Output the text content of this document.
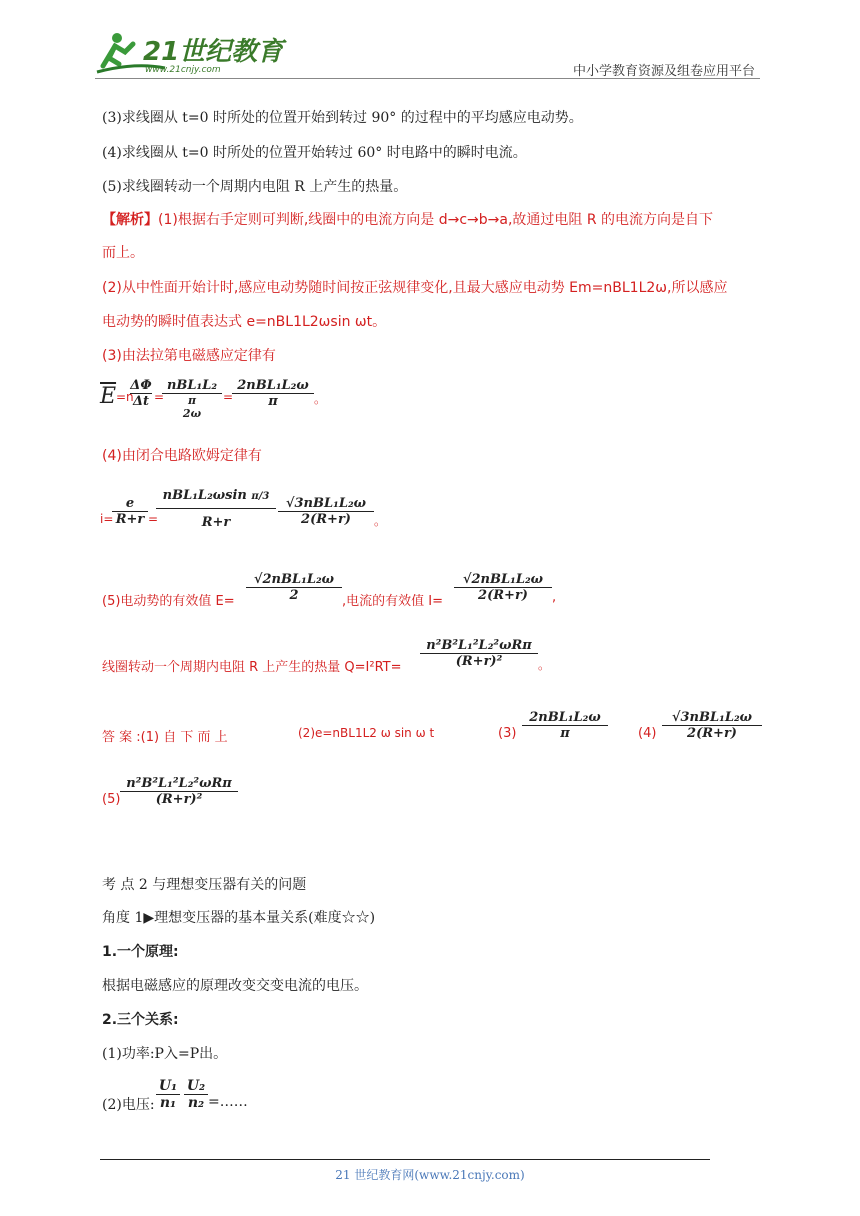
21世纪教育
www.21cnjy.com	中小学教育资源及组卷应用平台
(3)求线圈从 t=0 时所处的位置开始到转过 90° 的过程中的平均感应电动势。
(4)求线圈从 t=0 时所处的位置开始转过 60° 时电路中的瞬时电流。
(5)求线圈转动一个周期内电阻 R 上产生的热量。
【解析】(1)根据右手定则可判断,线圈中的电流方向是 d→c→b→a,故通过电阻 R 的电流方向是自下
而上。
(2)从中性面开始计时,感应电动势随时间按正弦规律变化,且最大感应电动势 Em=nBL1L2ω,所以感应
电动势的瞬时值表达式 e=nBL1L2ωsin ωt。
(3)由法拉第电磁感应定律有
$\overline{E} =n$
$\frac{\Delta\Phi}{\Delta t}$ =
nBL₁L₂
π
2ω
=
2nBL₁L₂ω
π	。
(4)由闭合电路欧姆定律有
i=
$\frac{e}{R+r}$ =
nBL₁L₂ωsin π/3
R+r
√3nBL₁L₂ω
2(R+r)	。
(5)电动势的有效值 E=
√2nBL₁L₂ω
2	,电流的有效值 I=
√2nBL₁L₂ω
2(R+r)	,
线圈转动一个周期内电阻 R 上产生的热量 Q=I²RT=
n²B²L₁²L₂²ωRπ
(R+r)²	。
答 案 :(1) 自 下 而 上	(2)e=nBL1L2 ω sin ω t	(3)
2nBL₁L₂ω
π	(4)
√3nBL₁L₂ω
2(R+r)
(5)
n²B²L₁²L₂²ωRπ
(R+r)²
考 点 2 与理想变压器有关的问题
角度 1▶理想变压器的基本量关系(难度☆☆)
1.一个原理:
根据电磁感应的原理改变交变电流的电压。
2.三个关系:
(1)功率:P入=P出。
(2)电压: $\frac{\text{U₁}}{\text{n₁}} \frac{\text{U₂}}{\text{n₂}}$ =……
21 世纪教育网(www.21cnjy.com)
